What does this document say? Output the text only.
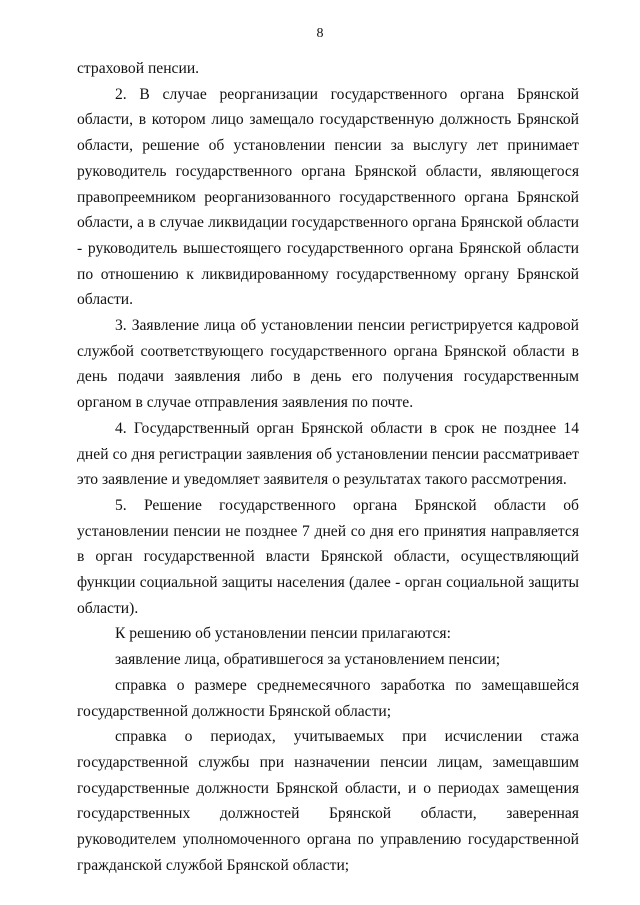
8

страховой пенсии.

2. В случае реорганизации государственного органа Брянской области, в котором лицо замещало государственную должность Брянской области, решение об установлении пенсии за выслугу лет принимает руководитель государственного органа Брянской области, являющегося правопреемником реорганизованного государственного органа Брянской области, а в случае ликвидации государственного органа Брянской области - руководитель вышестоящего государственного органа Брянской области по отношению к ликвидированному государственному органу Брянской области.

3. Заявление лица об установлении пенсии регистрируется кадровой службой соответствующего государственного органа Брянской области в день подачи заявления либо в день его получения государственным органом в случае отправления заявления по почте.

4. Государственный орган Брянской области в срок не позднее 14 дней со дня регистрации заявления об установлении пенсии рассматривает это заявление и уведомляет заявителя о результатах такого рассмотрения.

5. Решение государственного органа Брянской области об установлении пенсии не позднее 7 дней со дня его принятия направляется в орган государственной власти Брянской области, осуществляющий функции социальной защиты населения (далее - орган социальной защиты области).

К решению об установлении пенсии прилагаются:

заявление лица, обратившегося за установлением пенсии;

справка о размере среднемесячного заработка по замещавшейся государственной должности Брянской области;

справка о периодах, учитываемых при исчислении стажа государственной службы при назначении пенсии лицам, замещавшим государственные должности Брянской области, и о периодах замещения государственных должностей Брянской области, заверенная руководителем уполномоченного органа по управлению государственной гражданской службой Брянской области;
